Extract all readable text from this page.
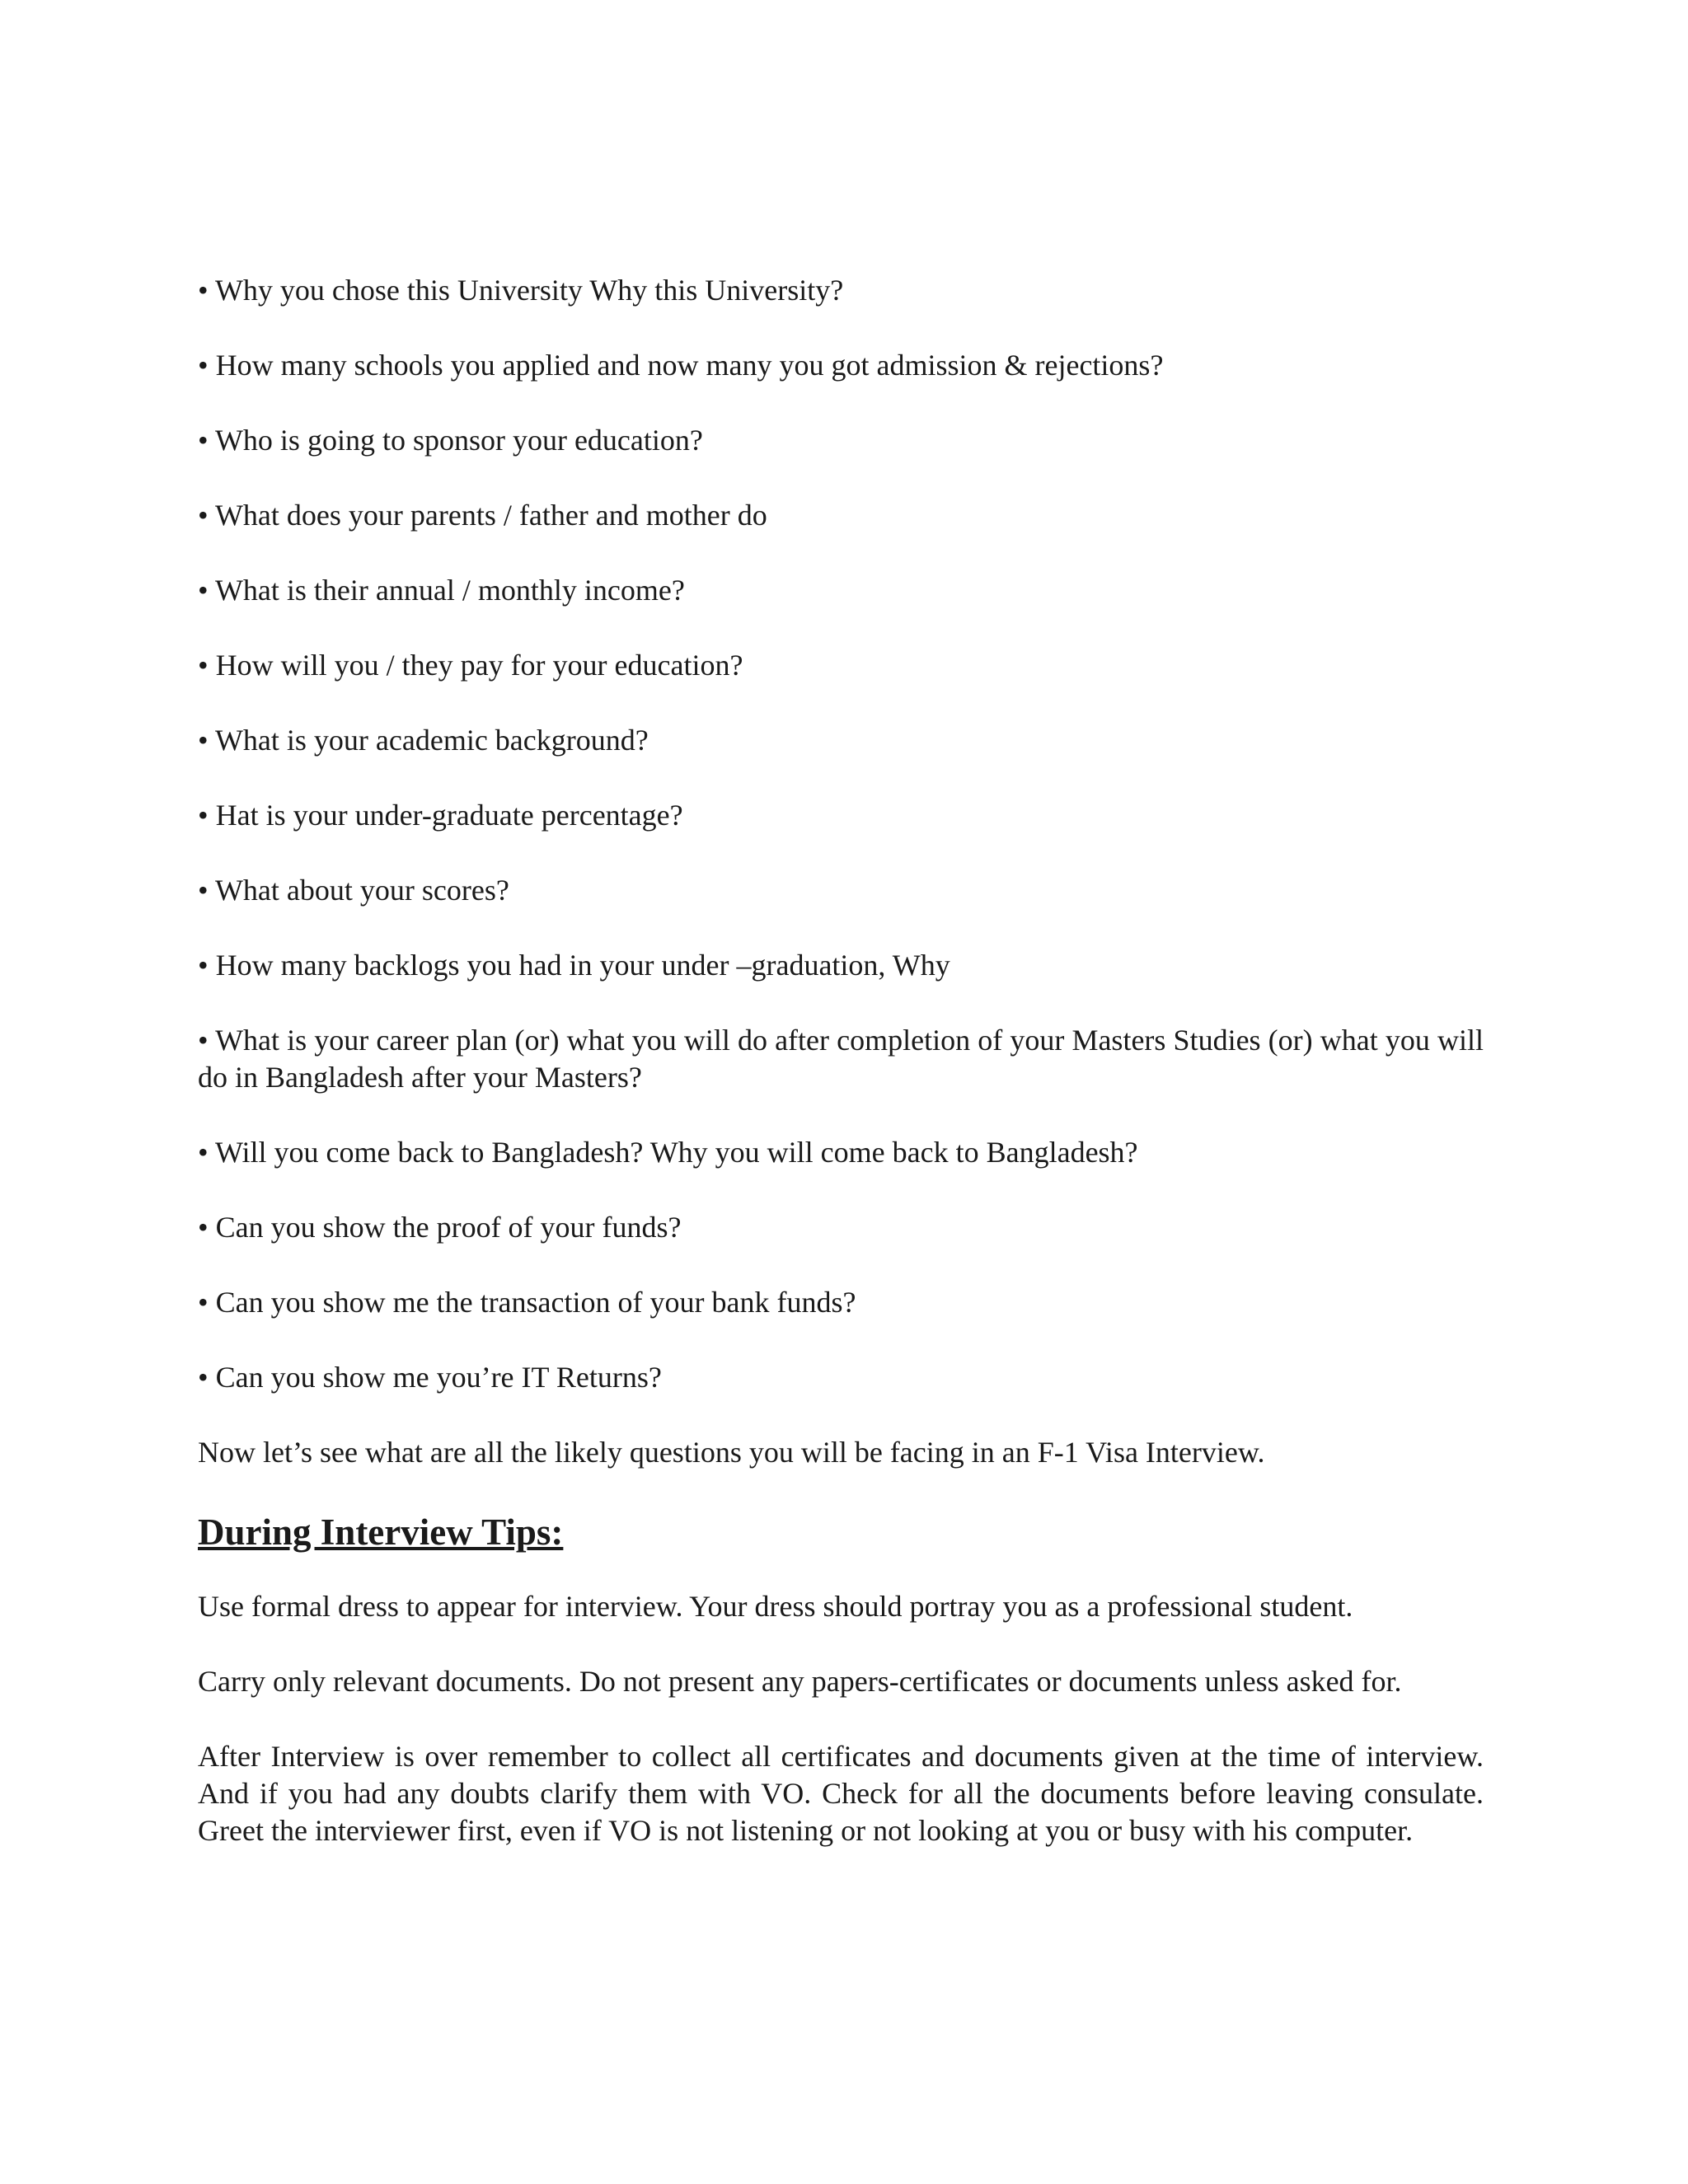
• Why you chose this University Why this University?
• How many schools you applied and now many you got admission & rejections?
• Who is going to sponsor your education?
• What does your parents / father and mother do
• What is their annual / monthly income?
• How will you / they pay for your education?
• What is your academic background?
• Hat is your under-graduate percentage?
• What about your scores?
• How many backlogs you had in your under –graduation, Why
• What is your career plan (or) what you will do after completion of your Masters Studies (or) what you will do in Bangladesh after your Masters?
• Will you come back to Bangladesh? Why you will come back to Bangladesh?
• Can you show the proof of your funds?
• Can you show me the transaction of your bank funds?
• Can you show me you’re IT Returns?

Now let’s see what are all the likely questions you will be facing in an F-1 Visa Interview.

During Interview Tips:

Use formal dress to appear for interview. Your dress should portray you as a professional student.

Carry only relevant documents. Do not present any papers-certificates or documents unless asked for.

After Interview is over remember to collect all certificates and documents given at the time of interview. And if you had any doubts clarify them with VO. Check for all the documents before leaving consulate. Greet the interviewer first, even if VO is not listening or not looking at you or busy with his computer.
